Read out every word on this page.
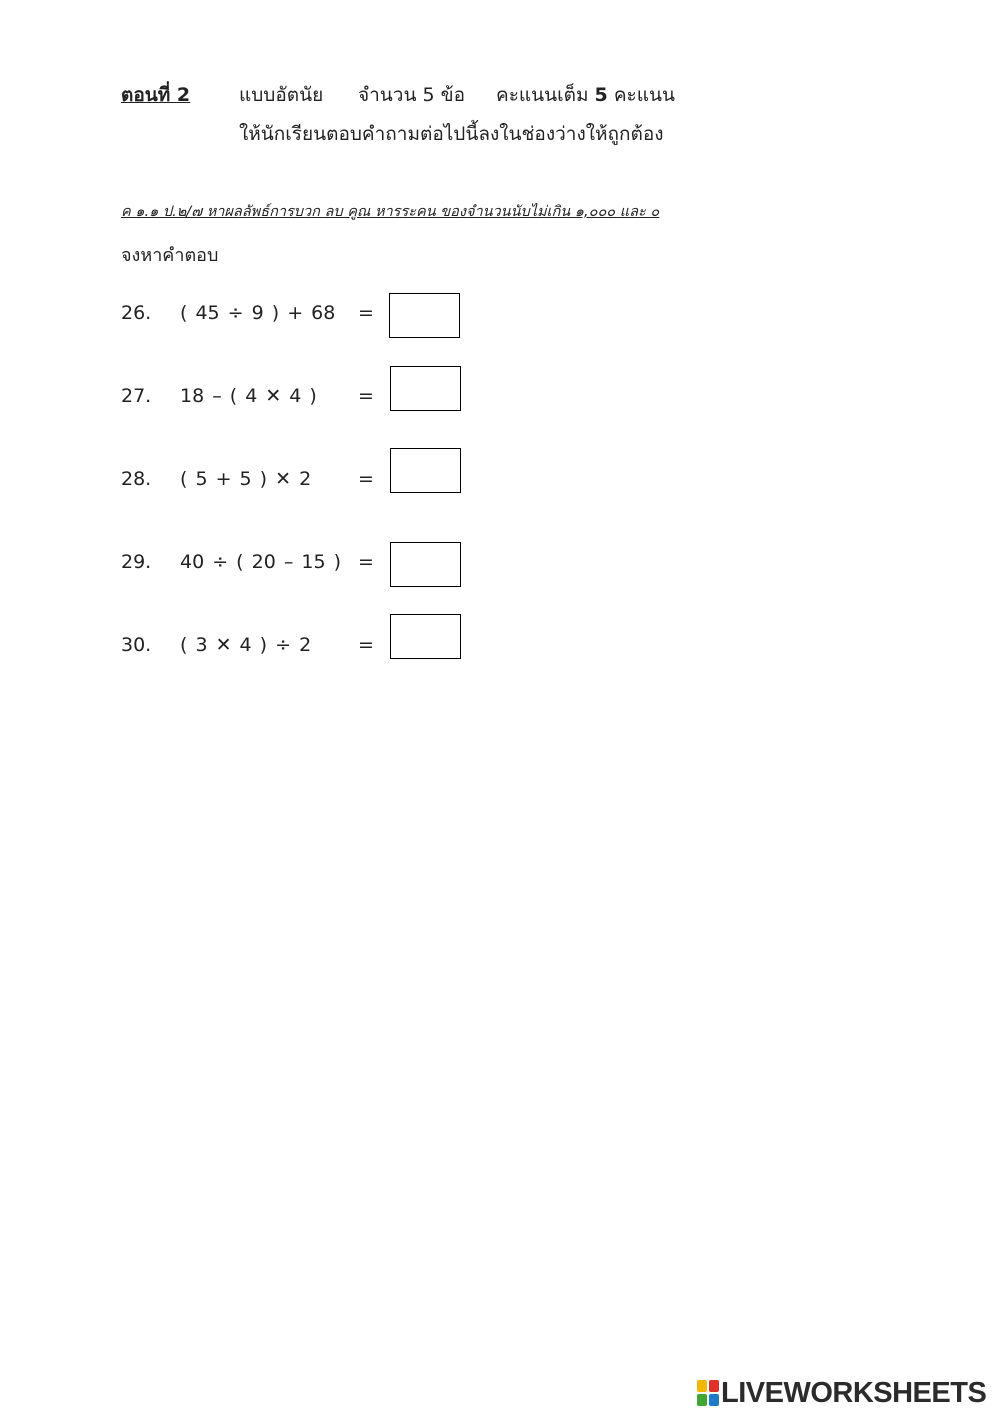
ตอนที่ 2	แบบอัตนัย จำนวน 5 ข้อ คะแนนเต็ม 5 คะแนน
ให้นักเรียนตอบคำถามต่อไปนี้ลงในช่องว่างให้ถูกต้อง
ค ๑.๑ ป.๒/๗ หาผลลัพธ์การบวก ลบ คูณ หารระคน ของจำนวนนับไม่เกิน ๑,๐๐๐ และ ๐
จงหาคำตอบ
26. ( 45 ÷ 9 ) + 68 =
27. 18 – ( 4 ✕ 4 ) =
28. ( 5 + 5 ) ✕ 2 =
29. 40 ÷ ( 20 – 15 ) =
30. ( 3 ✕ 4 ) ÷ 2 =
LIVEWORKSHEETS
